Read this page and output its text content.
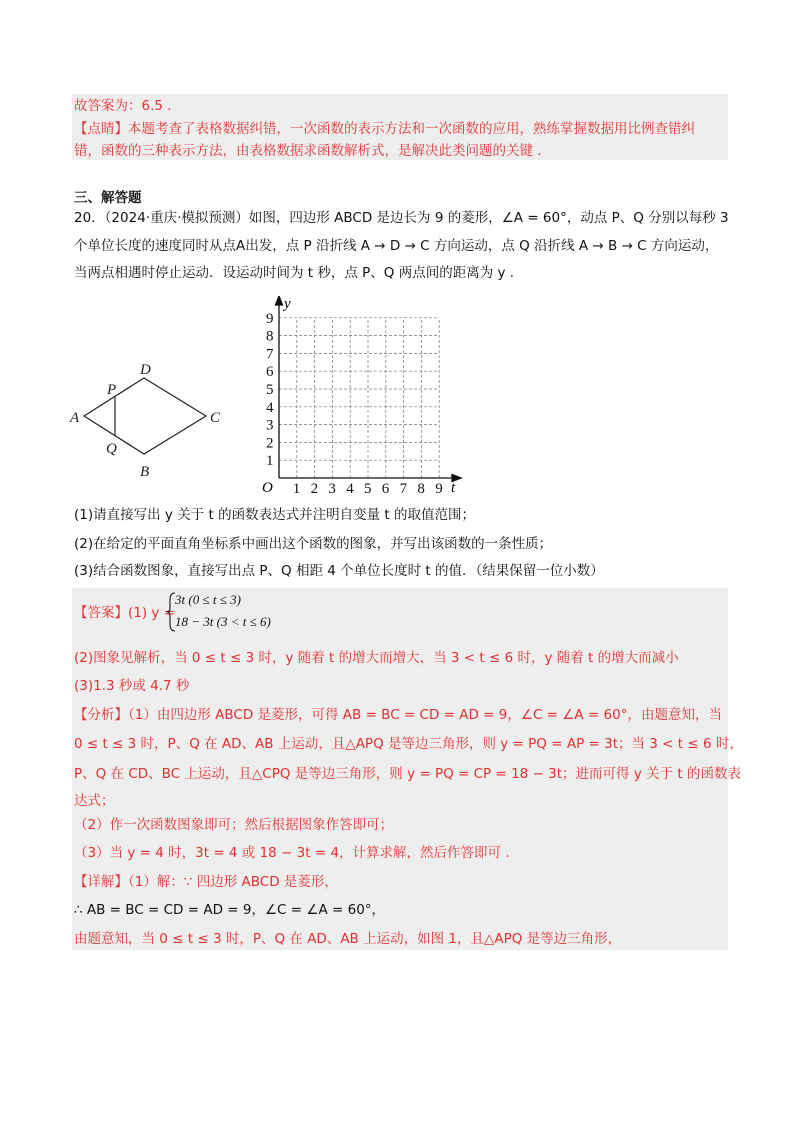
故答案为：6.5 .
【点睛】本题考查了表格数据纠错，一次函数的表示方法和一次函数的应用，熟练掌握数据用比例查错纠
错，函数的三种表示方法，由表格数据求函数解析式，是解决此类问题的关键 .
三、解答题
20．（2024·重庆·模拟预测）如图，四边形 ABCD 是边长为 9 的菱形，∠A = 60°，动点 P、Q 分别以每秒 3
个单位长度的速度同时从点A出发，点 P 沿折线 A → D → C 方向运动，点 Q 沿折线 A → B → C 方向运动，
当两点相遇时停止运动．设运动时间为 t 秒，点 P、Q 两点间的距离为 y .
A
B
C
D
P
Q
1 2 3 4 5 6 7 8 9
1
2
3
4
5
6
7
8
9
y
t
O
(1)请直接写出 y 关于 t 的函数表达式并注明自变量 t 的取值范围；
(2)在给定的平面直角坐标系中画出这个函数的图象，并写出该函数的一条性质；
(3)结合函数图象，直接写出点 P、Q 相距 4 个单位长度时 t 的值．（结果保留一位小数）
【答案】(1) y =
3t (0 ≤ t ≤ 3)
18 − 3t (3 < t ≤ 6)
(2)图象见解析，当 0 ≤ t ≤ 3 时，y 随着 t 的增大而增大，当 3 < t ≤ 6 时，y 随着 t 的增大而减小
(3)1.3 秒或 4.7 秒
【分析】（1）由四边形 ABCD 是菱形，可得 AB = BC = CD = AD = 9，∠C = ∠A = 60°，由题意知，当
0 ≤ t ≤ 3 时，P、Q 在 AD、AB 上运动，且△APQ 是等边三角形，则 y = PQ = AP = 3t；当 3 < t ≤ 6 时，
P、Q 在 CD、BC 上运动，且△CPQ 是等边三角形，则 y = PQ = CP = 18 − 3t；进而可得 y 关于 t 的函数表
达式；
（2）作一次函数图象即可；然后根据图象作答即可；
（3）当 y = 4 时，3t = 4 或 18 − 3t = 4，计算求解，然后作答即可 .
【详解】（1）解：∵ 四边形 ABCD 是菱形，
∴ AB = BC = CD = AD = 9，∠C = ∠A = 60°，
由题意知，当 0 ≤ t ≤ 3 时，P、Q 在 AD、AB 上运动，如图 1，且△APQ 是等边三角形，
